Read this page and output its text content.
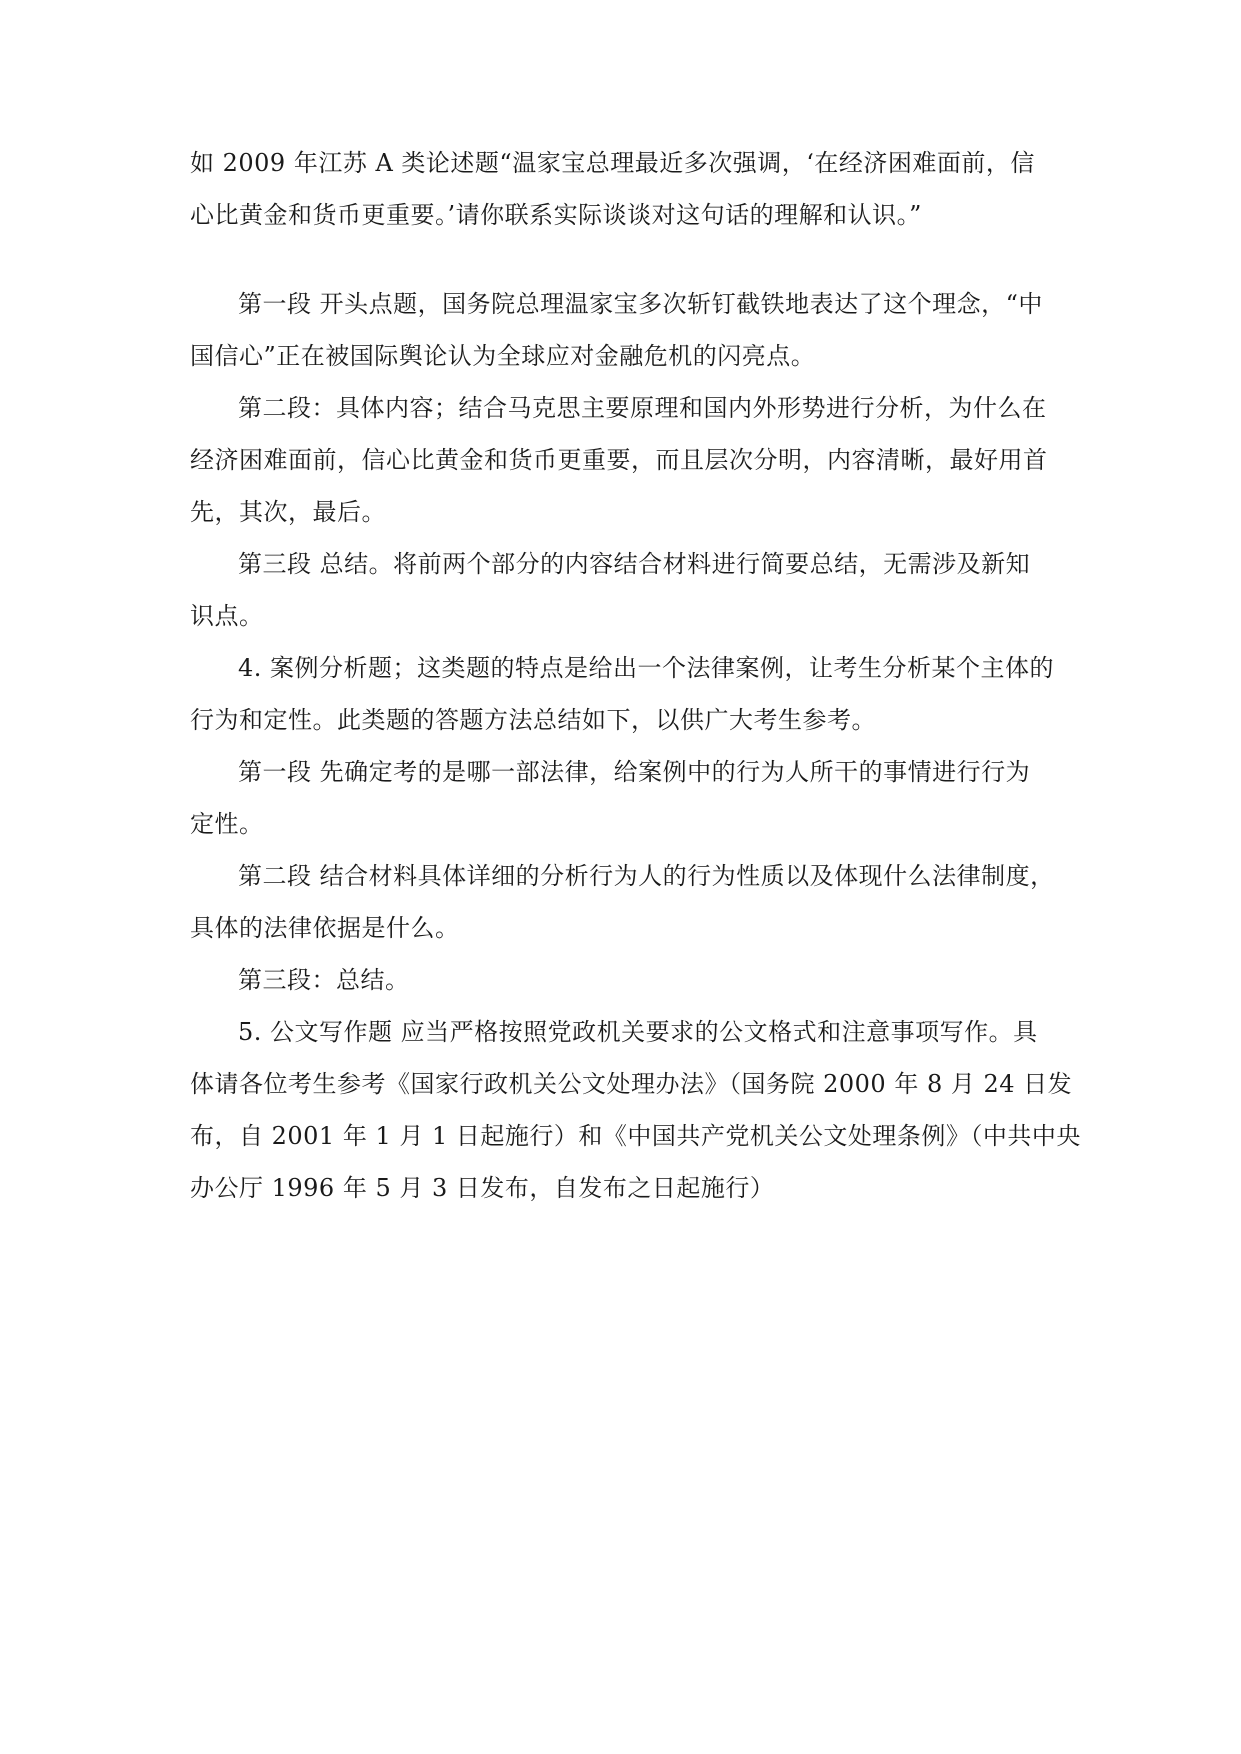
如 2009 年江苏 A 类论述题“温家宝总理最近多次强调，‘在经济困难面前，信
心比黄金和货币更重要。’请你联系实际谈谈对这句话的理解和认识。”
第一段 开头点题，国务院总理温家宝多次斩钉截铁地表达了这个理念，“中
国信心”正在被国际舆论认为全球应对金融危机的闪亮点。
第二段：具体内容；结合马克思主要原理和国内外形势进行分析，为什么在
经济困难面前，信心比黄金和货币更重要，而且层次分明，内容清晰，最好用首
先，其次，最后。
第三段 总结。将前两个部分的内容结合材料进行简要总结，无需涉及新知
识点。
4. 案例分析题；这类题的特点是给出一个法律案例，让考生分析某个主体的
行为和定性。此类题的答题方法总结如下，以供广大考生参考。
第一段 先确定考的是哪一部法律，给案例中的行为人所干的事情进行行为
定性。
第二段 结合材料具体详细的分析行为人的行为性质以及体现什么法律制度，
具体的法律依据是什么。
第三段：总结。
5. 公文写作题 应当严格按照党政机关要求的公文格式和注意事项写作。具
体请各位考生参考《国家行政机关公文处理办法》（国务院 2000 年 8 月 24 日发
布，自 2001 年 1 月 1 日起施行）和《中国共产党机关公文处理条例》（中共中央
办公厅 1996 年 5 月 3 日发布，自发布之日起施行）
